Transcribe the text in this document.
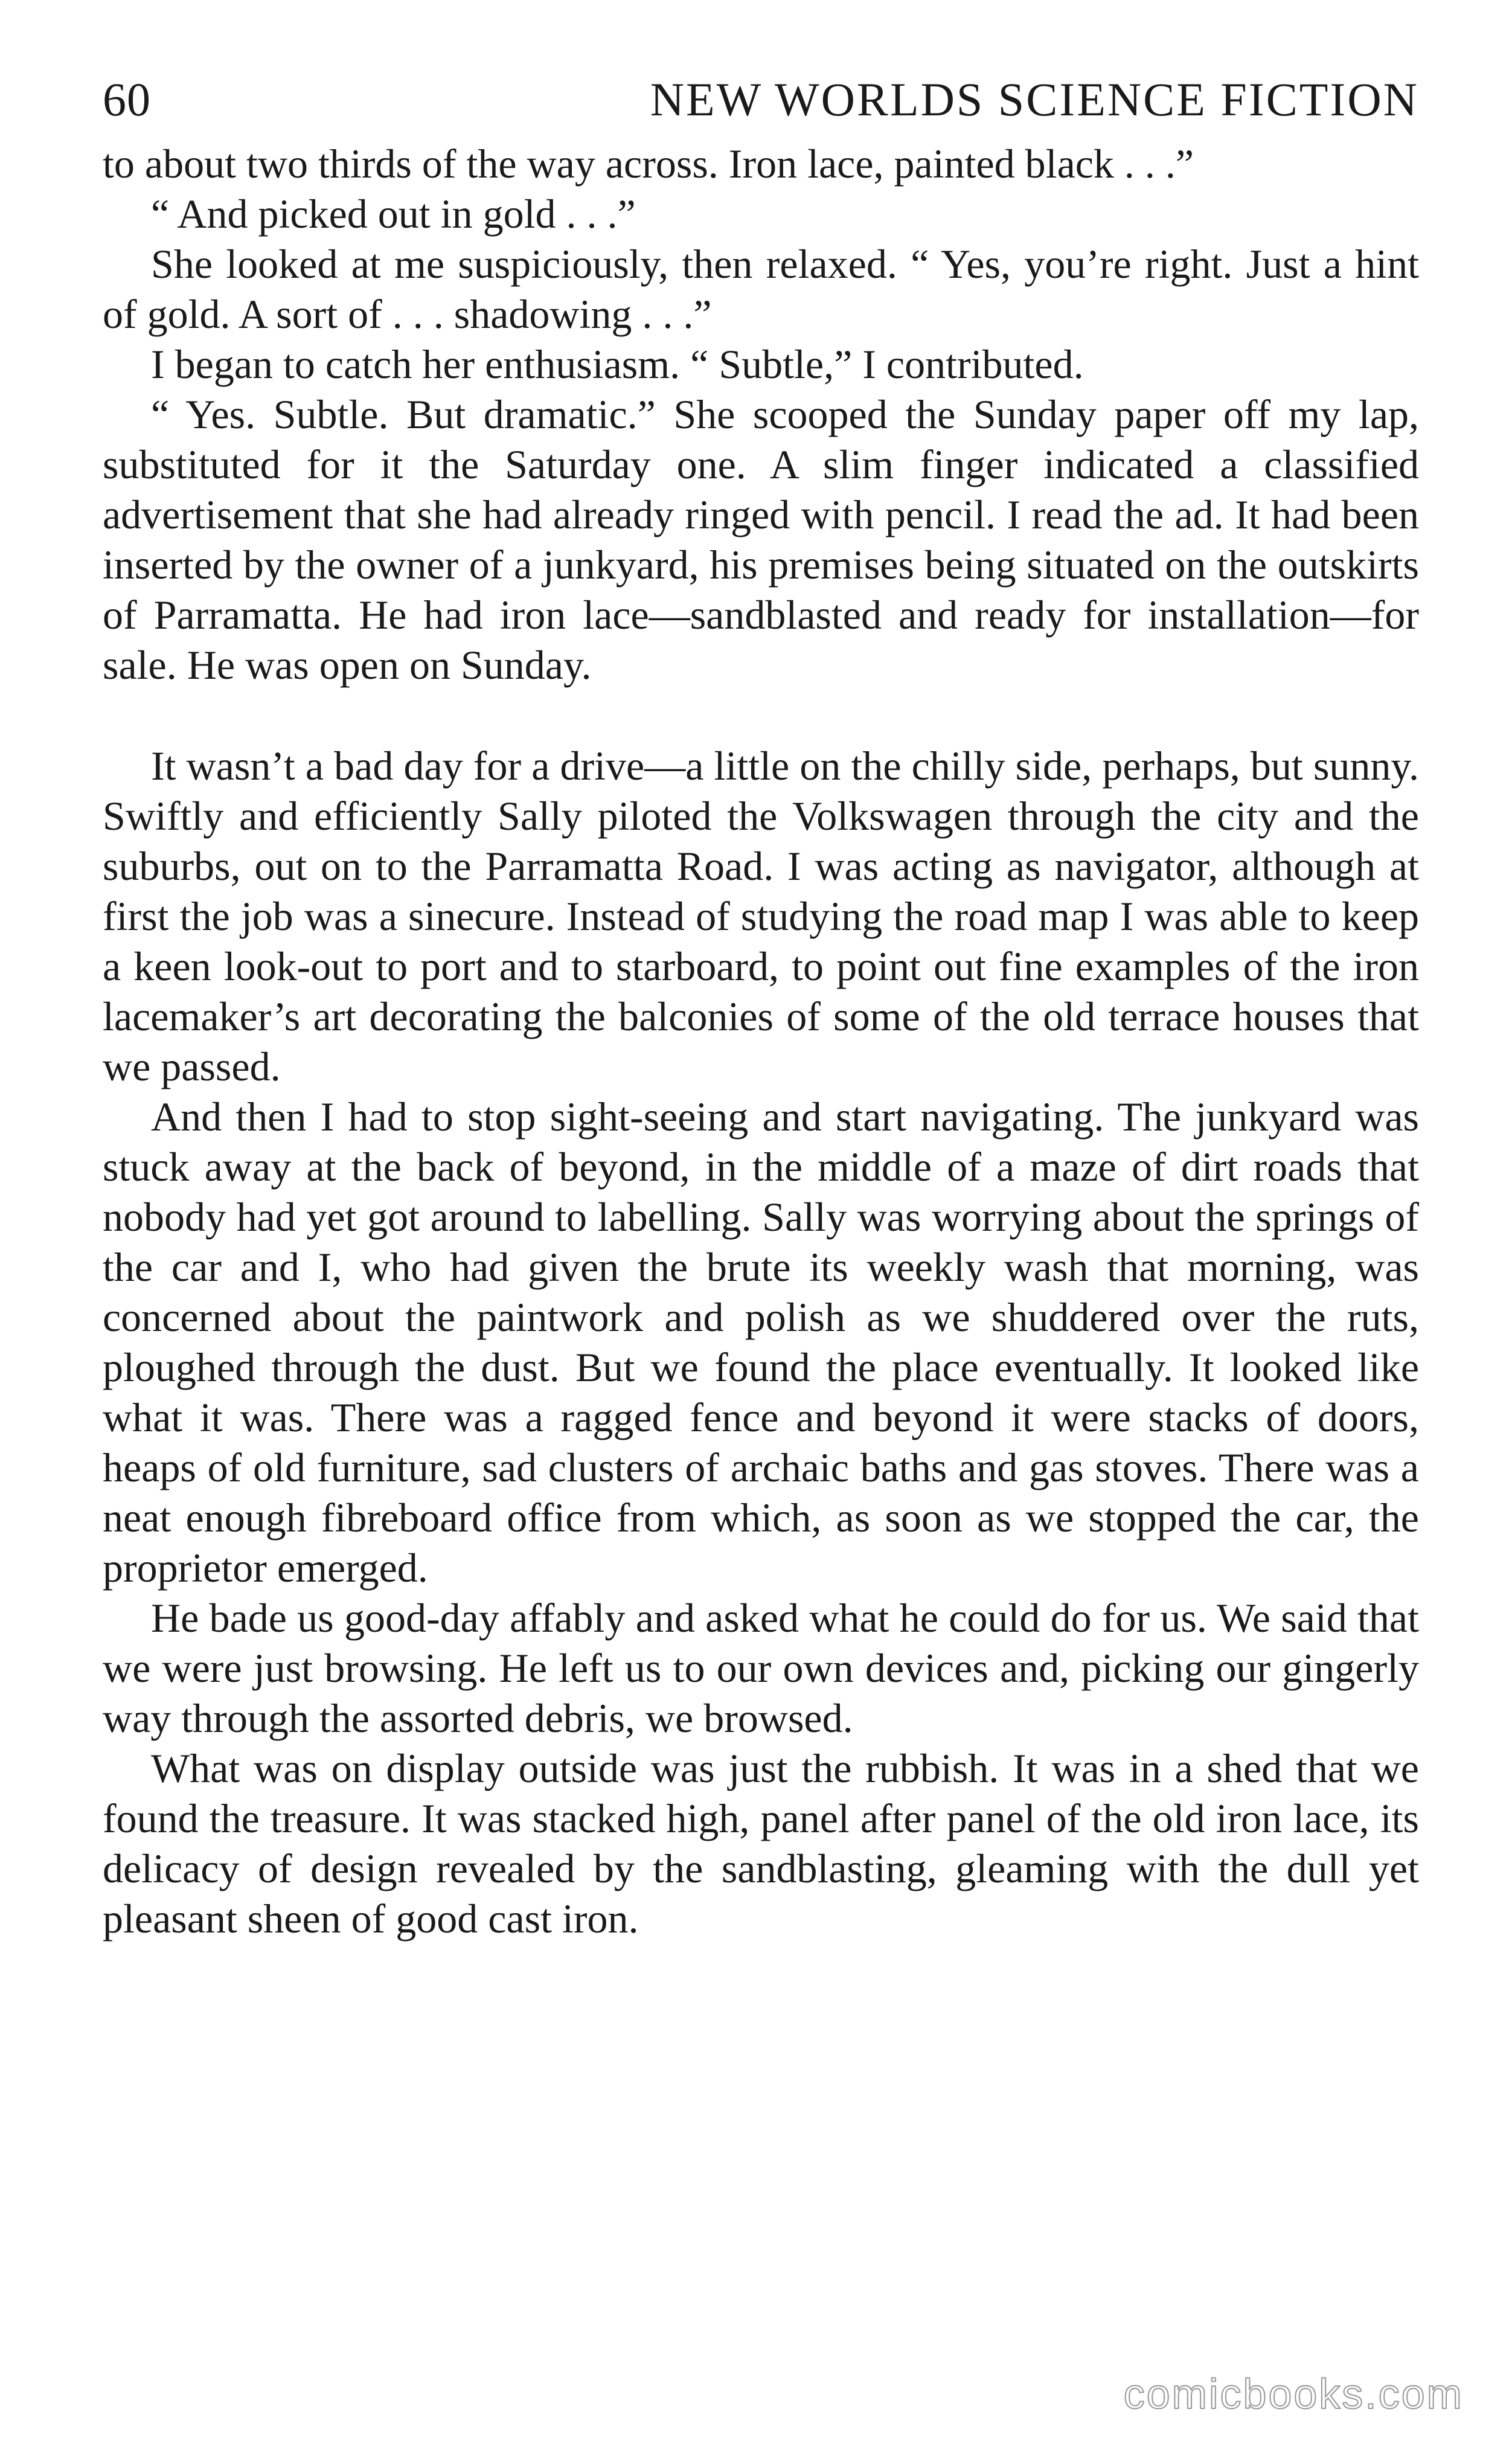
60	NEW WORLDS SCIENCE FICTION

to about two thirds of the way across. Iron lace, painted black . . .”

“ And picked out in gold . . .”

She looked at me suspiciously, then relaxed. “ Yes, you’re right. Just a hint of gold. A sort of . . . shadowing . . .”

I began to catch her enthusiasm. “ Subtle,” I contributed.

“ Yes. Subtle. But dramatic.” She scooped the Sunday paper off my lap, substituted for it the Saturday one. A slim finger indicated a classified advertisement that she had already ringed with pencil. I read the ad. It had been inserted by the owner of a junkyard, his premises being situated on the outskirts of Parramatta. He had iron lace—sandblasted and ready for installation—for sale. He was open on Sunday.

It wasn’t a bad day for a drive—a little on the chilly side, perhaps, but sunny. Swiftly and efficiently Sally piloted the Volkswagen through the city and the suburbs, out on to the Parramatta Road. I was acting as navigator, although at first the job was a sinecure. Instead of studying the road map I was able to keep a keen look-out to port and to starboard, to point out fine examples of the iron lacemaker’s art decorating the balconies of some of the old terrace houses that we passed.

And then I had to stop sight-seeing and start navigating. The junkyard was stuck away at the back of beyond, in the middle of a maze of dirt roads that nobody had yet got around to labelling. Sally was worrying about the springs of the car and I, who had given the brute its weekly wash that morning, was concerned about the paintwork and polish as we shuddered over the ruts, ploughed through the dust. But we found the place eventually. It looked like what it was. There was a ragged fence and beyond it were stacks of doors, heaps of old furniture, sad clusters of archaic baths and gas stoves. There was a neat enough fibreboard office from which, as soon as we stopped the car, the proprietor emerged.

He bade us good-day affably and asked what he could do for us. We said that we were just browsing. He left us to our own devices and, picking our gingerly way through the assorted debris, we browsed.

What was on display outside was just the rubbish. It was in a shed that we found the treasure. It was stacked high, panel after panel of the old iron lace, its delicacy of design revealed by the sandblasting, gleaming with the dull yet pleasant sheen of good cast iron.

comicbooks.com
